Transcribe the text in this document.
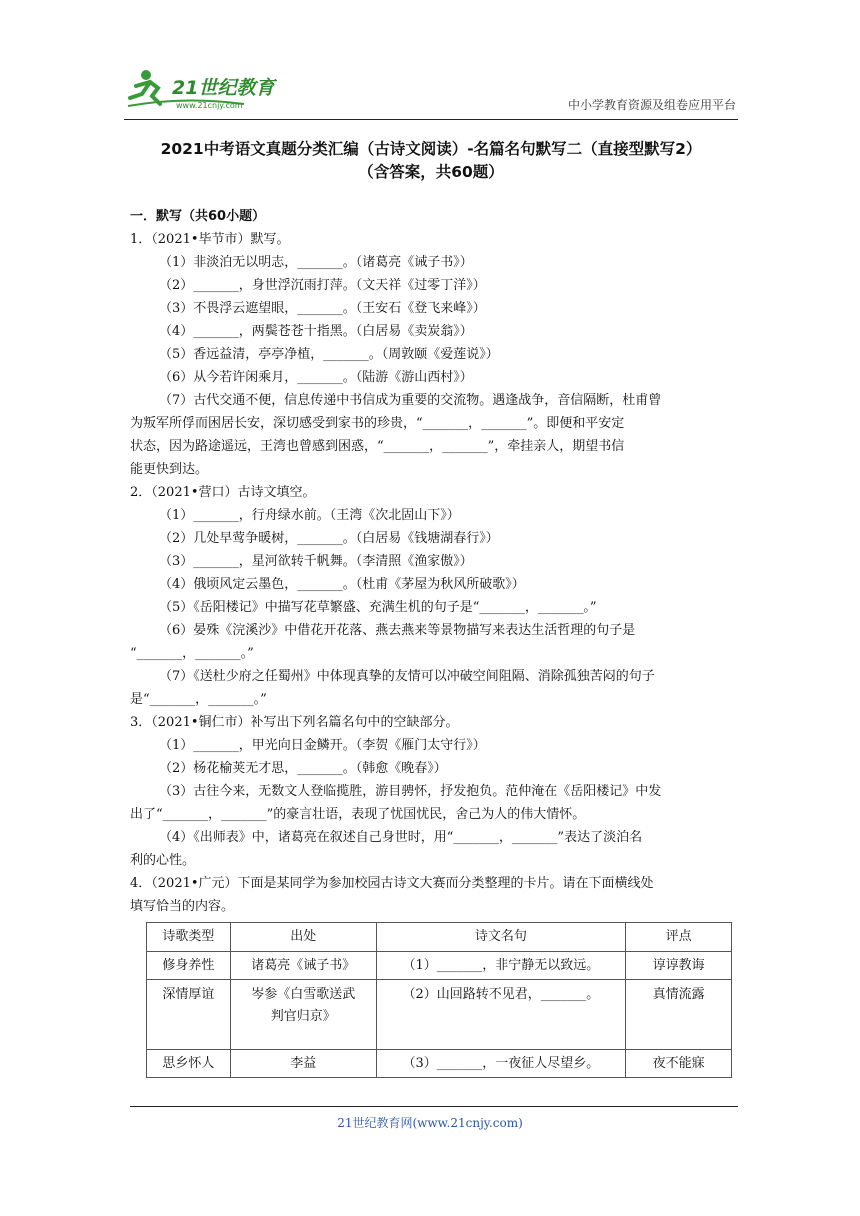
21世纪教育
www.21cnjy.com	中小学教育资源及组卷应用平台
2021中考语文真题分类汇编（古诗文阅读）-名篇名句默写二（直接型默写2）
（含答案，共60题）
一．默写（共60小题）
1．（2021•毕节市）默写。
（1）非淡泊无以明志，_______。（诸葛亮《诫子书》）
（2）_______，身世浮沉雨打萍。（文天祥《过零丁洋》）
（3）不畏浮云遮望眼，_______。（王安石《登飞来峰》）
（4）_______，两鬓苍苍十指黑。（白居易《卖炭翁》）
（5）香远益清，亭亭净植，_______。（周敦颐《爱莲说》）
（6）从今若许闲乘月，_______。（陆游《游山西村》）
（7）古代交通不便，信息传递中书信成为重要的交流物。遇逢战争，音信隔断，杜甫曾
为叛军所俘而困居长安，深切感受到家书的珍贵，“_______，_______”。即便和平安定
状态，因为路途遥远，王湾也曾感到困惑，“_______，_______”，牵挂亲人，期望书信
能更快到达。
2．（2021•营口）古诗文填空。
（1）_______，行舟绿水前。（王湾《次北固山下》）
（2）几处早莺争暖树，_______。（白居易《钱塘湖春行》）
（3）_______，星河欲转千帆舞。（李清照《渔家傲》）
（4）俄顷风定云墨色，_______。（杜甫《茅屋为秋风所破歌》）
（5）《岳阳楼记》中描写花草繁盛、充满生机的句子是“_______，_______。”
（6）晏殊《浣溪沙》中借花开花落、燕去燕来等景物描写来表达生活哲理的句子是
“_______，_______。”
（7）《送杜少府之任蜀州》中体现真挚的友情可以冲破空间阻隔、消除孤独苦闷的句子
是“_______，_______。”
3．（2021•铜仁市）补写出下列名篇名句中的空缺部分。
（1）_______，甲光向日金鳞开。（李贺《雁门太守行》）
（2）杨花榆荚无才思，_______。（韩愈《晚春》）
（3）古往今来，无数文人登临揽胜，游目骋怀，抒发抱负。范仲淹在《岳阳楼记》中发
出了“_______，_______”的豪言壮语，表现了忧国忧民，舍己为人的伟大情怀。
（4）《出师表》中，诸葛亮在叙述自己身世时，用“_______，_______”表达了淡泊名
利的心性。
4．（2021•广元）下面是某同学为参加校园古诗文大赛而分类整理的卡片。请在下面横线处
填写恰当的内容。
诗歌类型	出处	诗文名句	评点
修身养性	诸葛亮《诫子书》	（1）_______，非宁静无以致远。	谆谆教诲
深情厚谊	岑参《白雪歌送武判官归京》	（2）山回路转不见君，_______。	真情流露
思乡怀人	李益	（3）_______，一夜征人尽望乡。	夜不能寐
21世纪教育网(www.21cnjy.com)
